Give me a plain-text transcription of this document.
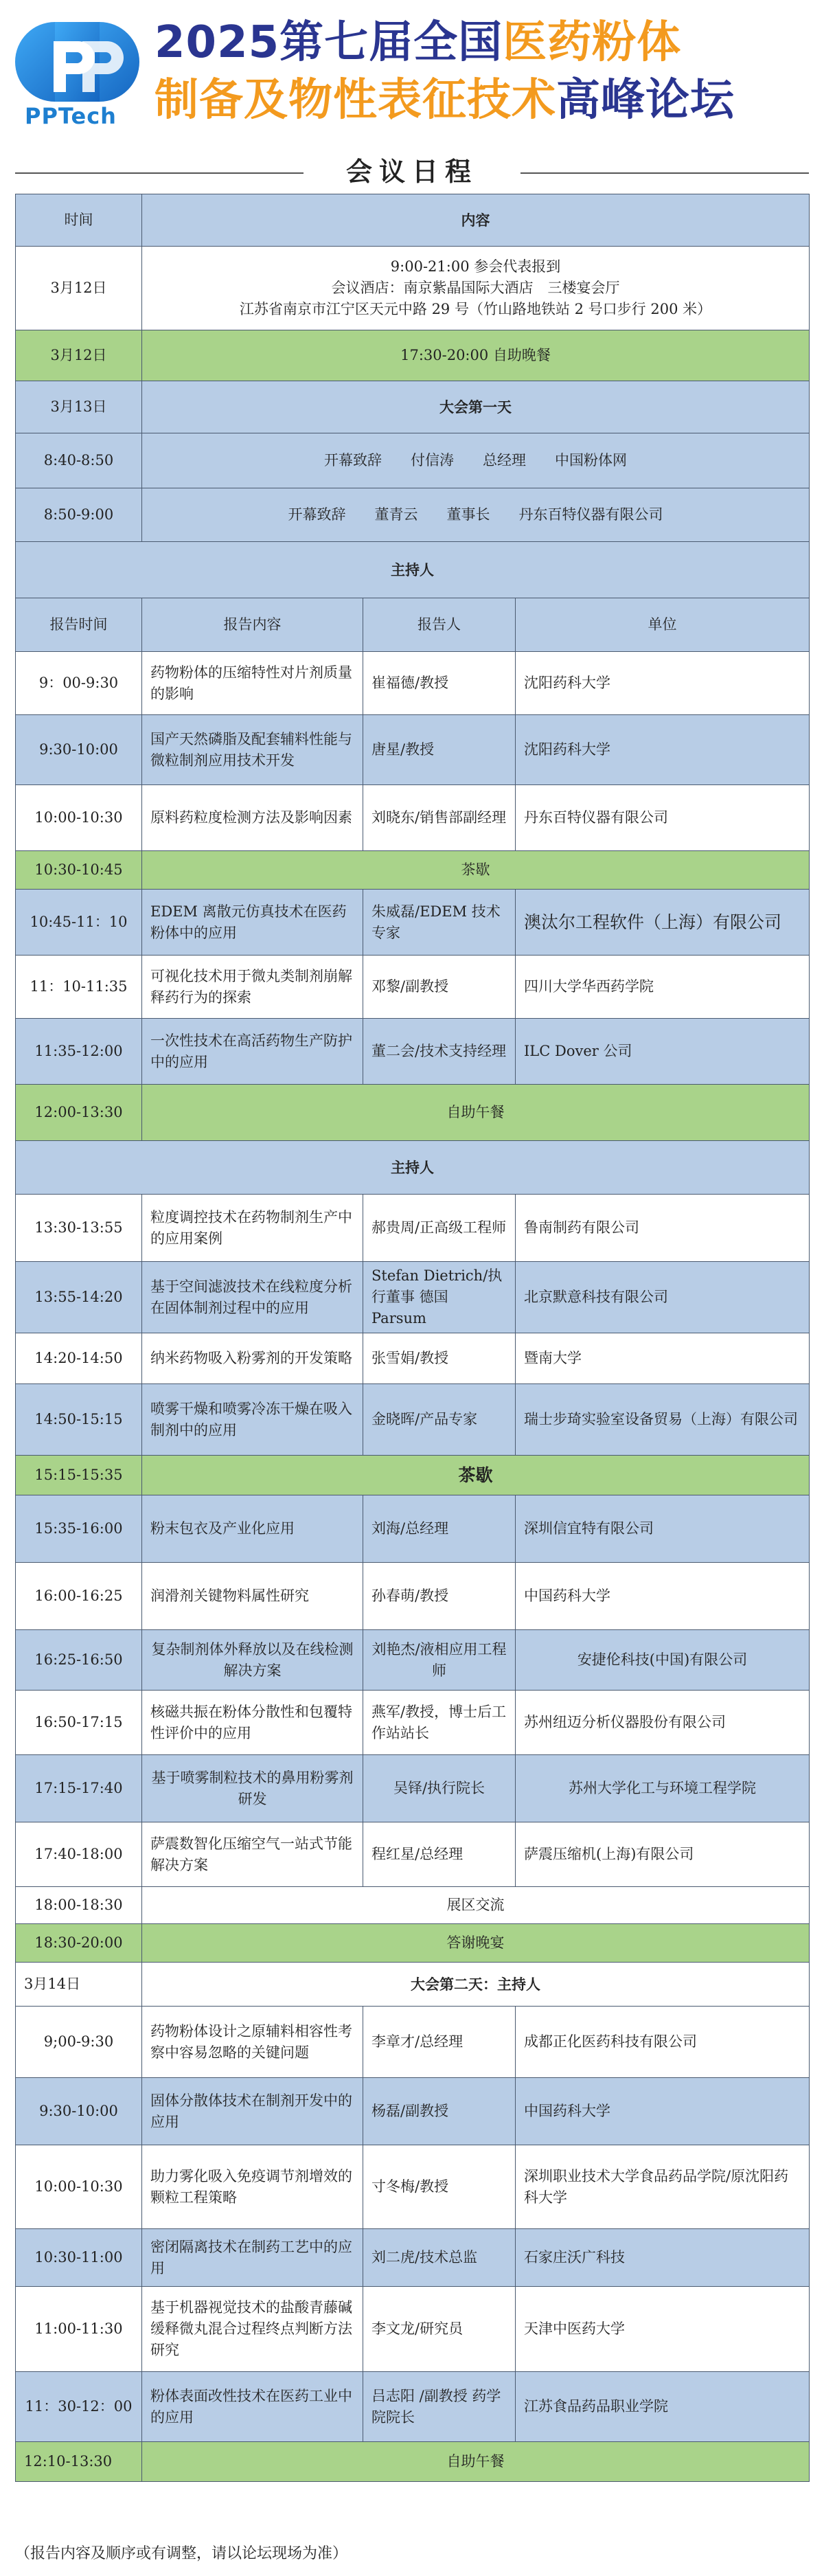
PPTech
2025第七届全国医药粉体
制备及物性表征技术高峰论坛
会议日程
时间	内容		
3月12日	9:00-21:00 参会代表报到
会议酒店：南京紫晶国际大酒店　三楼宴会厅
江苏省南京市江宁区天元中路 29 号（竹山路地铁站 2 号口步行 200 米）		
3月12日	17:30-20:00 自助晚餐		
3月13日	大会第一天		
8:40-8:50	开幕致辞　　付信涛　　总经理　　中国粉体网		
8:50-9:00	开幕致辞　　董青云　　董事长　　丹东百特仪器有限公司		
主持人			
报告时间	报告内容	报告人	单位
9：00-9:30	药物粉体的压缩特性对片剂质量的影响	崔福德/教授	沈阳药科大学
9:30-10:00	国产天然磷脂及配套辅料性能与微粒制剂应用技术开发	唐星/教授	沈阳药科大学
10:00-10:30	原料药粒度检测方法及影响因素	刘晓东/销售部副经理	丹东百特仪器有限公司
10:30-10:45	茶歇		
10:45-11：10	EDEM 离散元仿真技术在医药粉体中的应用	朱威磊/EDEM 技术专家	澳汰尔工程软件（上海）有限公司
11：10-11:35	可视化技术用于微丸类制剂崩解释药行为的探索	邓黎/副教授	四川大学华西药学院
11:35-12:00	一次性技术在高活药物生产防护中的应用	董二会/技术支持经理	ILC Dover 公司
12:00-13:30	自助午餐		
主持人			
13:30-13:55	粒度调控技术在药物制剂生产中的应用案例	郝贵周/正高级工程师	鲁南制药有限公司
13:55-14:20	基于空间滤波技术在线粒度分析在固体制剂过程中的应用	Stefan Dietrich/执行董事 德国 Parsum	北京默意科技有限公司
14:20-14:50	纳米药物吸入粉雾剂的开发策略	张雪娟/教授	暨南大学
14:50-15:15	喷雾干燥和喷雾冷冻干燥在吸入制剂中的应用	金晓晖/产品专家	瑞士步琦实验室设备贸易（上海）有限公司
15:15-15:35	茶歇		
15:35-16:00	粉末包衣及产业化应用	刘海/总经理	深圳信宜特有限公司
16:00-16:25	润滑剂关键物料属性研究	孙春萌/教授	中国药科大学
16:25-16:50	复杂制剂体外释放以及在线检测解决方案	刘艳杰/液相应用工程师	安捷伦科技(中国)有限公司
16:50-17:15	核磁共振在粉体分散性和包覆特性评价中的应用	燕军/教授，博士后工作站站长	苏州纽迈分析仪器股份有限公司
17:15-17:40	基于喷雾制粒技术的鼻用粉雾剂研发	吴铎/执行院长	苏州大学化工与环境工程学院
17:40-18:00	萨震数智化压缩空气一站式节能解决方案	程红星/总经理	萨震压缩机(上海)有限公司
18:00-18:30	展区交流		
18:30-20:00	答谢晚宴		
3月14日	大会第二天：主持人		
9;00-9:30	药物粉体设计之原辅料相容性考察中容易忽略的关键问题	李章才/总经理	成都正化医药科技有限公司
9:30-10:00	固体分散体技术在制剂开发中的应用	杨磊/副教授	中国药科大学
10:00-10:30	助力雾化吸入免疫调节剂增效的颗粒工程策略	寸冬梅/教授	深圳职业技术大学食品药品学院/原沈阳药科大学
10:30-11:00	密闭隔离技术在制药工艺中的应用	刘二虎/技术总监	石家庄沃广科技
11:00-11:30	基于机器视觉技术的盐酸青藤碱缓释微丸混合过程终点判断方法研究	李文龙/研究员	天津中医药大学
11：30-12：00	粉体表面改性技术在医药工业中的应用	吕志阳 /副教授 药学院院长	江苏食品药品职业学院
12:10-13:30	自助午餐		
（报告内容及顺序或有调整，请以论坛现场为准）
